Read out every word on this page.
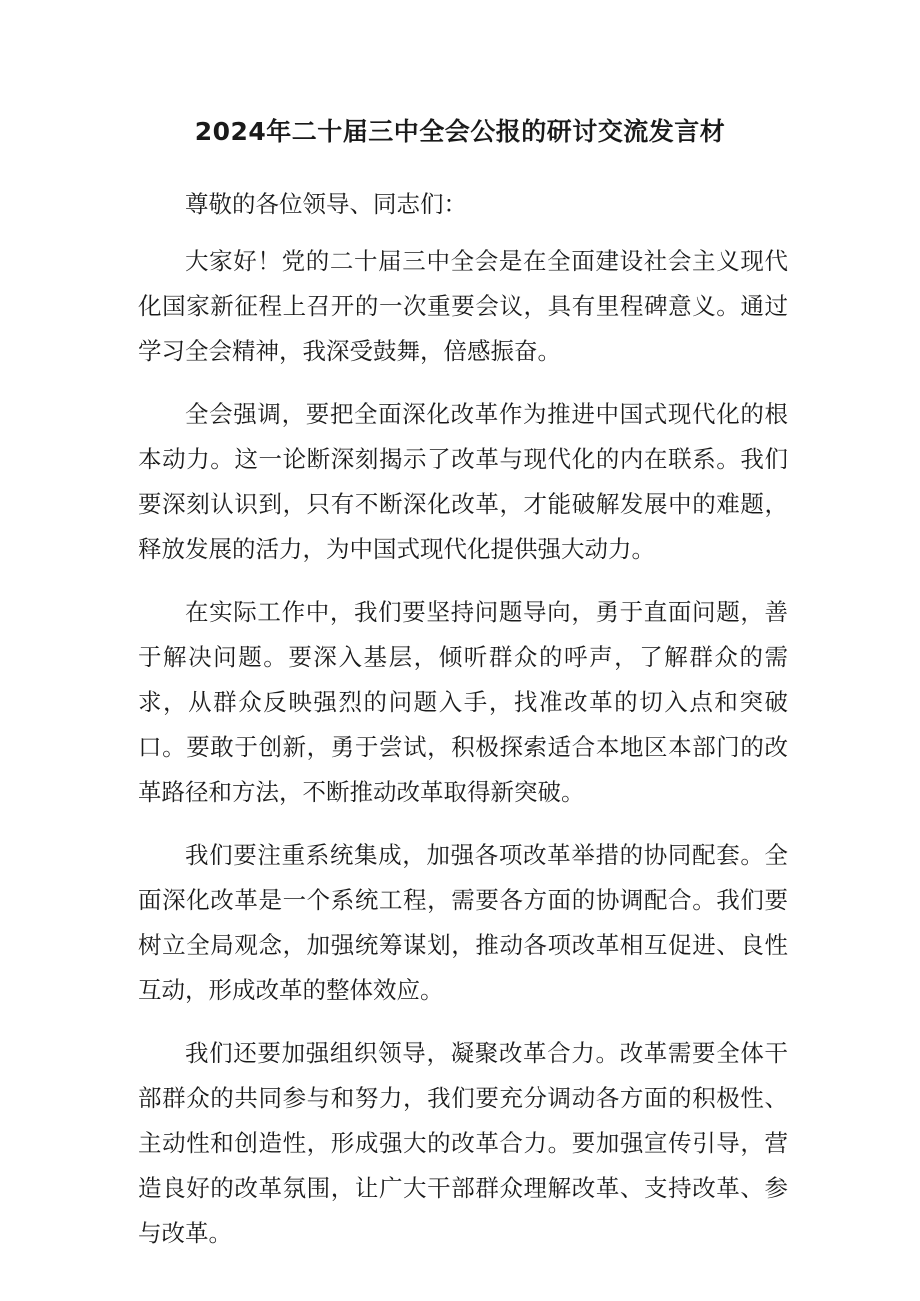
2024年二十届三中全会公报的研讨交流发言材

尊敬的各位领导、同志们：

大家好！党的二十届三中全会是在全面建设社会主义现代化国家新征程上召开的一次重要会议，具有里程碑意义。通过学习全会精神，我深受鼓舞，倍感振奋。

全会强调，要把全面深化改革作为推进中国式现代化的根本动力。这一论断深刻揭示了改革与现代化的内在联系。我们要深刻认识到，只有不断深化改革，才能破解发展中的难题，释放发展的活力，为中国式现代化提供强大动力。

在实际工作中，我们要坚持问题导向，勇于直面问题，善于解决问题。要深入基层，倾听群众的呼声，了解群众的需求，从群众反映强烈的问题入手，找准改革的切入点和突破口。要敢于创新，勇于尝试，积极探索适合本地区本部门的改革路径和方法，不断推动改革取得新突破。

我们要注重系统集成，加强各项改革举措的协同配套。全面深化改革是一个系统工程，需要各方面的协调配合。我们要树立全局观念，加强统筹谋划，推动各项改革相互促进、良性互动，形成改革的整体效应。

我们还要加强组织领导，凝聚改革合力。改革需要全体干部群众的共同参与和努力，我们要充分调动各方面的积极性、主动性和创造性，形成强大的改革合力。要加强宣传引导，营造良好的改革氛围，让广大干部群众理解改革、支持改革、参与改革。
